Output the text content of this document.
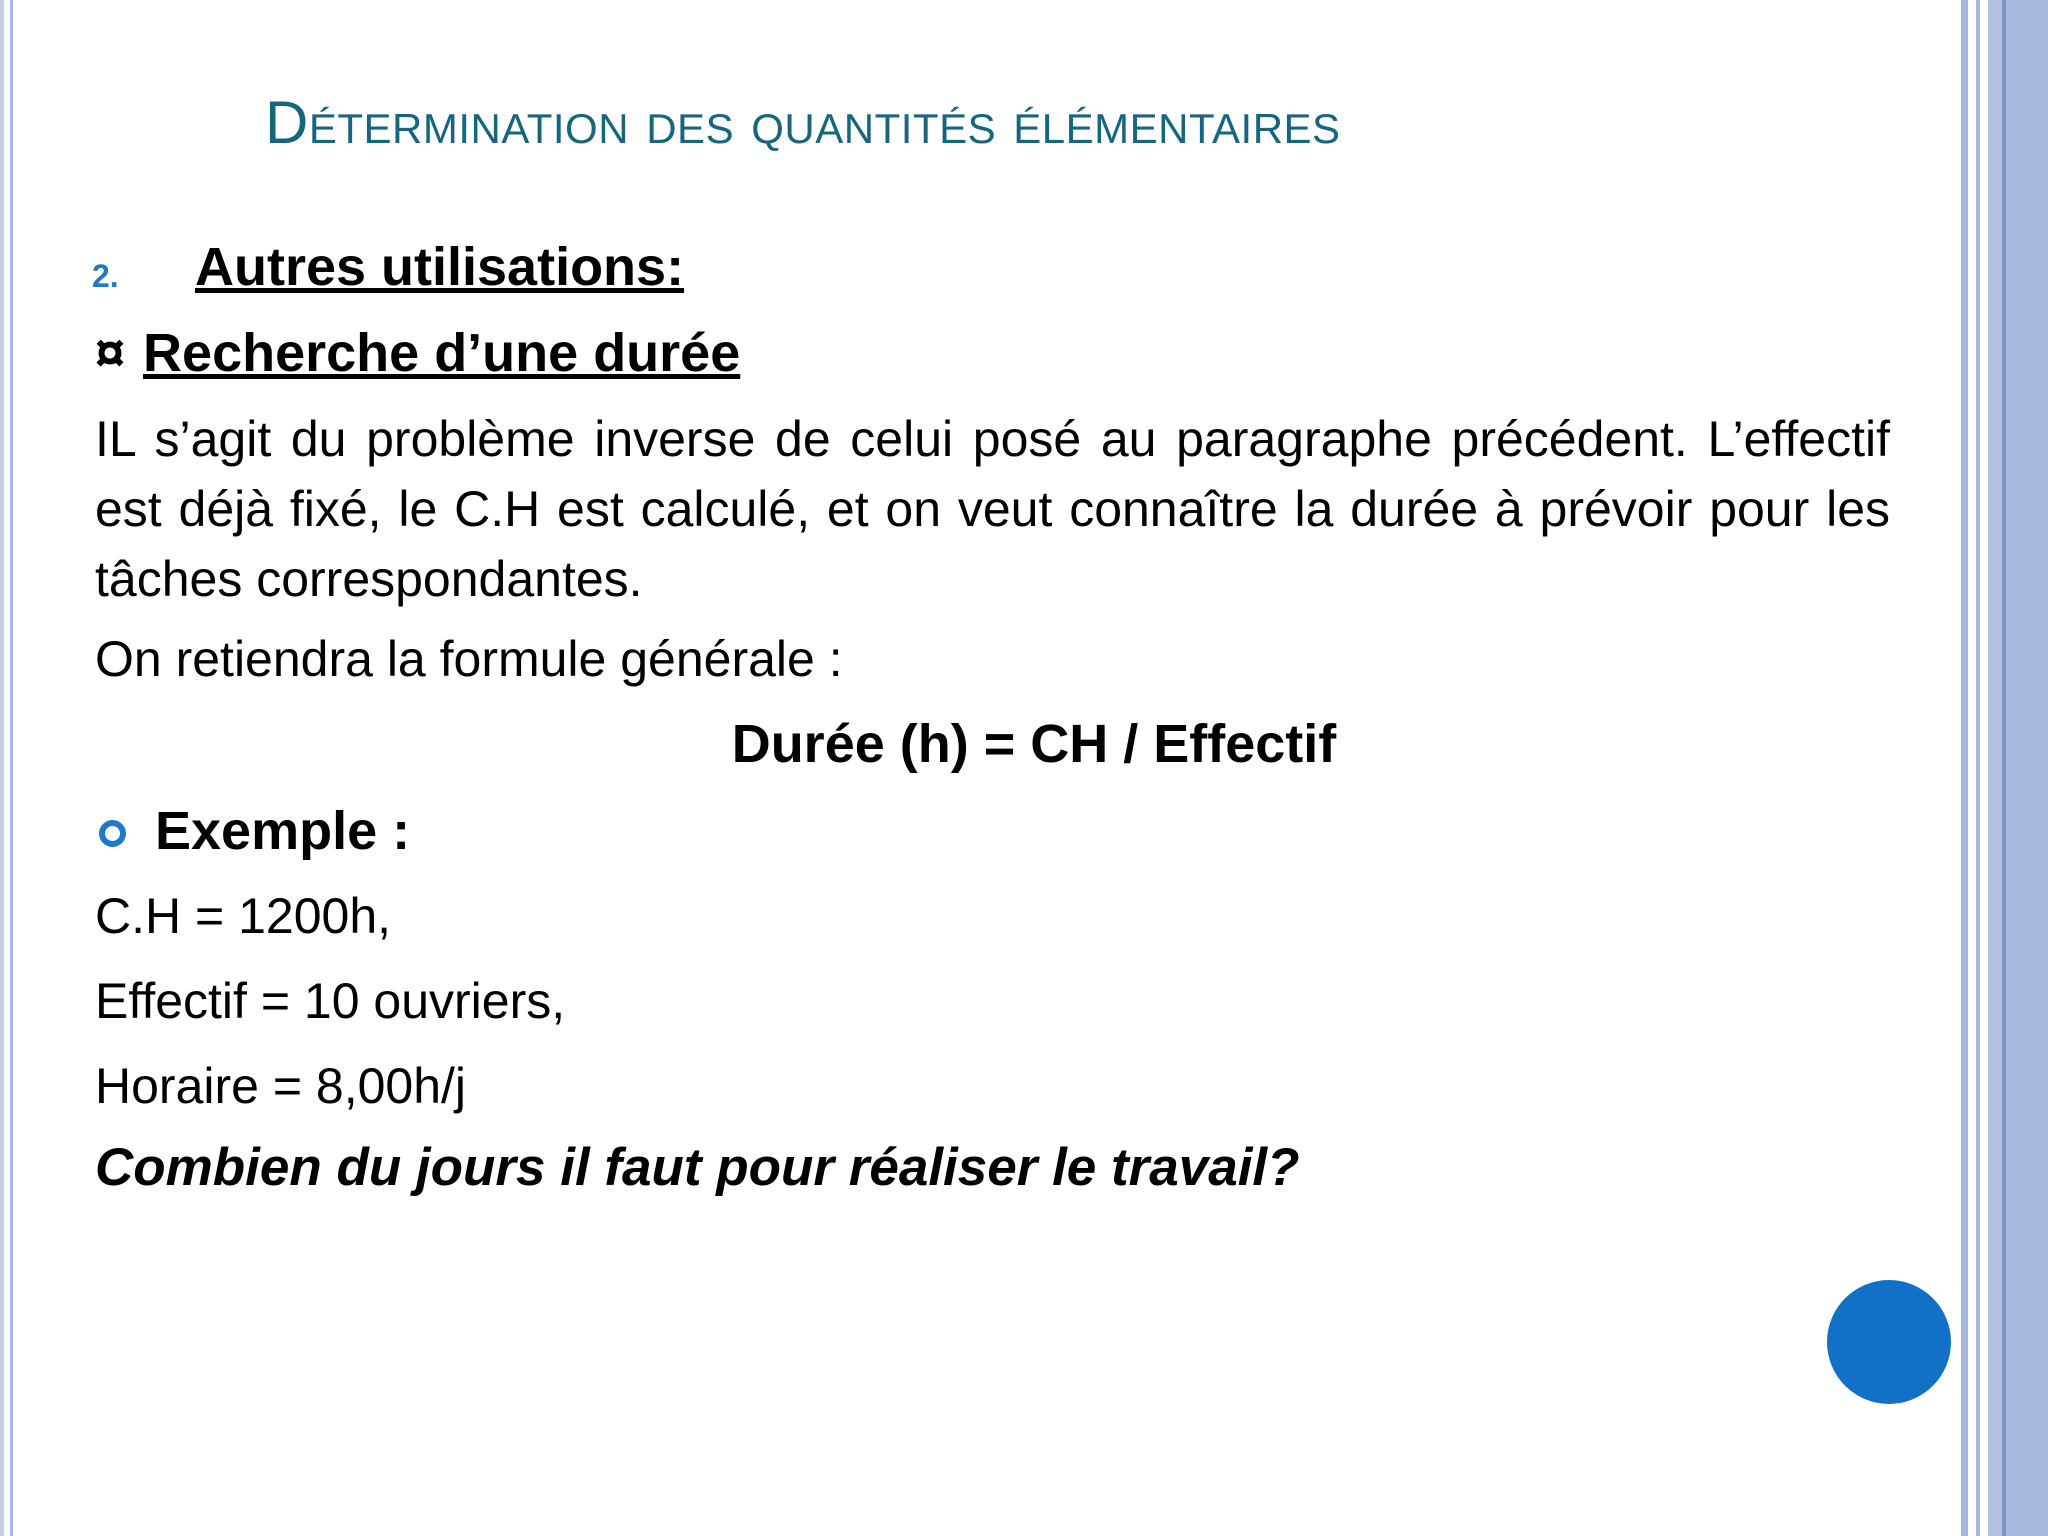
Détermination des quantités élémentaires
2. Autres utilisations:
¤ Recherche d’une durée
IL s’agit du problème inverse de celui posé au paragraphe précédent. L’effectif est déjà fixé, le C.H est calculé, et on veut connaître la durée à prévoir pour les tâches correspondantes.
On retiendra la formule générale :
Durée (h) = CH / Effectif
Exemple :
C.H = 1200h,
Effectif = 10 ouvriers,
Horaire = 8,00h/j
Combien du jours il faut pour réaliser le travail?
